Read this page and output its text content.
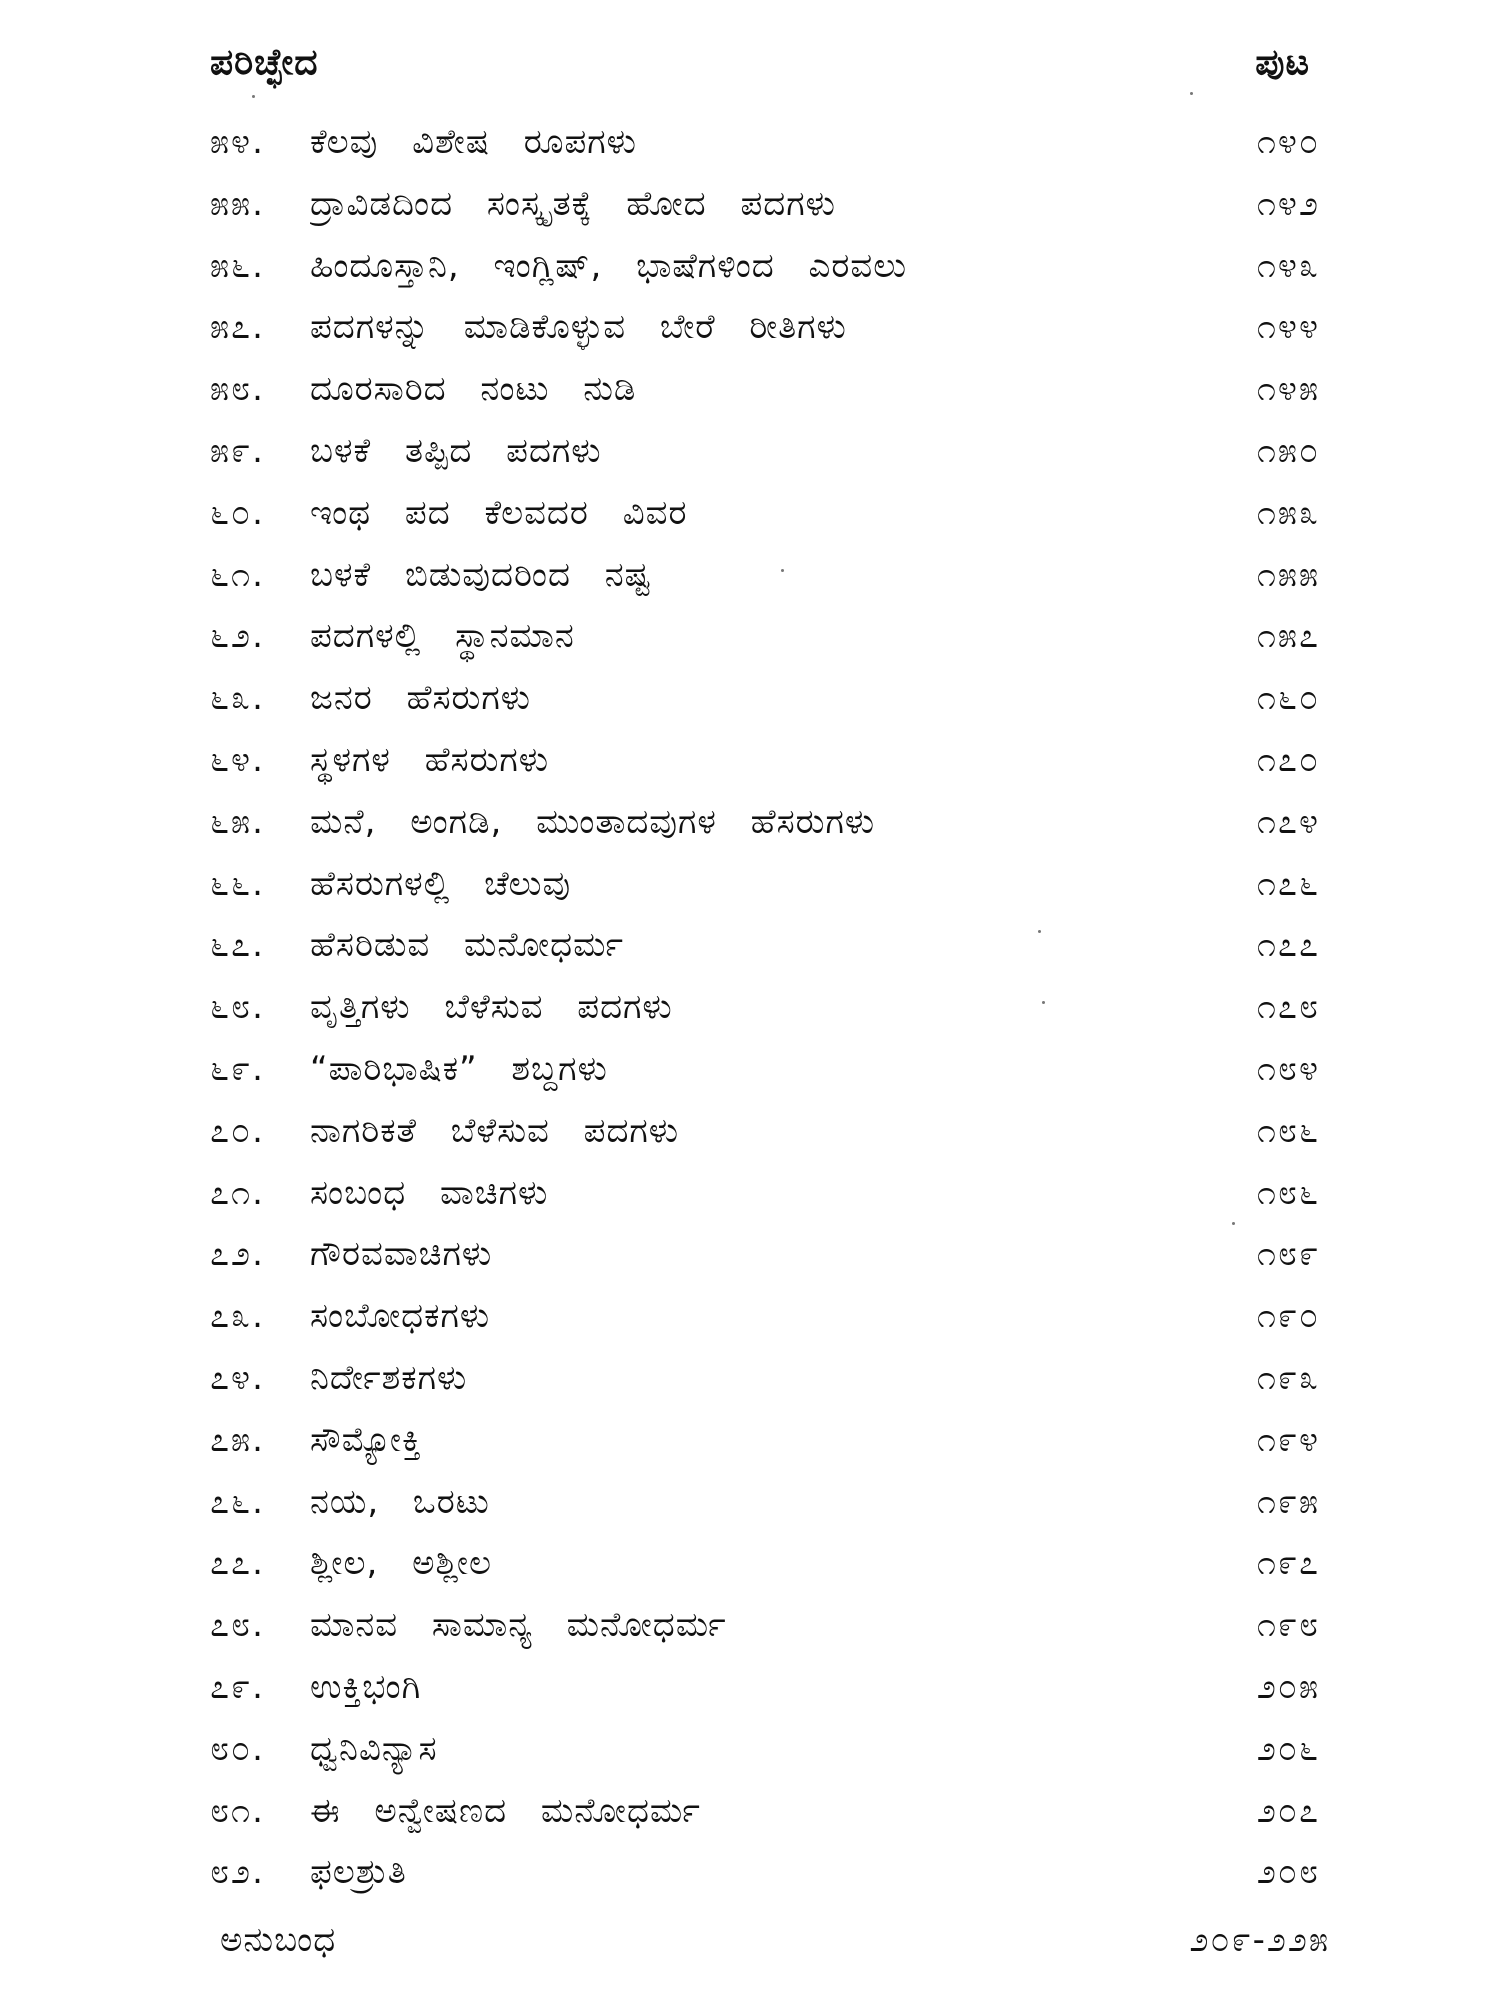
ಪರಿಚ್ಛೇದ	ಪುಟ
೫೪.	ಕೆಲವು ವಿಶೇಷ ರೂಪಗಳು	೧೪೦
೫೫.	ದ್ರಾವಿಡದಿಂದ ಸಂಸ್ಕೃತಕ್ಕೆ ಹೋದ ಪದಗಳು	೧೪೨
೫೬.	ಹಿಂದೂಸ್ತಾನಿ, ಇಂಗ್ಲಿಷ್, ಭಾಷೆಗಳಿಂದ ಎರವಲು	೧೪೩
೫೭.	ಪದಗಳನ್ನು ಮಾಡಿಕೊಳ್ಳುವ ಬೇರೆ ರೀತಿಗಳು	೧೪೪
೫೮.	ದೂರಸಾರಿದ ನಂಟು ನುಡಿ	೧೪೫
೫೯.	ಬಳಕೆ ತಪ್ಪಿದ ಪದಗಳು	೧೫೦
೬೦.	ಇಂಥ ಪದ ಕೆಲವದರ ವಿವರ	೧೫೩
೬೧.	ಬಳಕೆ ಬಿಡುವುದರಿಂದ ನಷ್ಟ	೧೫೫
೬೨.	ಪದಗಳಲ್ಲಿ ಸ್ಥಾನಮಾನ	೧೫೭
೬೩.	ಜನರ ಹೆಸರುಗಳು	೧೬೦
೬೪.	ಸ್ಥಳಗಳ ಹೆಸರುಗಳು	೧೭೦
೬೫.	ಮನೆ, ಅಂಗಡಿ, ಮುಂತಾದವುಗಳ ಹೆಸರುಗಳು	೧೭೪
೬೬.	ಹೆಸರುಗಳಲ್ಲಿ ಚೆಲುವು	೧೭೬
೬೭.	ಹೆಸರಿಡುವ ಮನೋಧರ್ಮ	೧೭೭
೬೮.	ವೃತ್ತಿಗಳು ಬೆಳೆಸುವ ಪದಗಳು	೧೭೮
೬೯.	“ಪಾರಿಭಾಷಿಕ” ಶಬ್ದಗಳು	೧೮೪
೭೦.	ನಾಗರಿಕತೆ ಬೆಳೆಸುವ ಪದಗಳು	೧೮೬
೭೧.	ಸಂಬಂಧ ವಾಚಿಗಳು	೧೮೬
೭೨.	ಗೌರವವಾಚಿಗಳು	೧೮೯
೭೩.	ಸಂಬೋಧಕಗಳು	೧೯೦
೭೪.	ನಿರ್ದೇಶಕಗಳು	೧೯೩
೭೫.	ಸೌಮ್ಯೋಕ್ತಿ	೧೯೪
೭೬.	ನಯ, ಒರಟು	೧೯೫
೭೭.	ಶ್ಲೀಲ, ಅಶ್ಲೀಲ	೧೯೭
೭೮.	ಮಾನವ ಸಾಮಾನ್ಯ ಮನೋಧರ್ಮ	೧೯೮
೭೯.	ಉಕ್ತಿಭಂಗಿ	೨೦೫
೮೦.	ಧ್ವನಿವಿನ್ಯಾಸ	೨೦೬
೮೧.	ಈ ಅನ್ವೇಷಣದ ಮನೋಧರ್ಮ	೨೦೭
೮೨.	ಫಲಶ್ರುತಿ	೨೦೮
ಅನುಬಂಧ	೨೦೯-೨೨೫
